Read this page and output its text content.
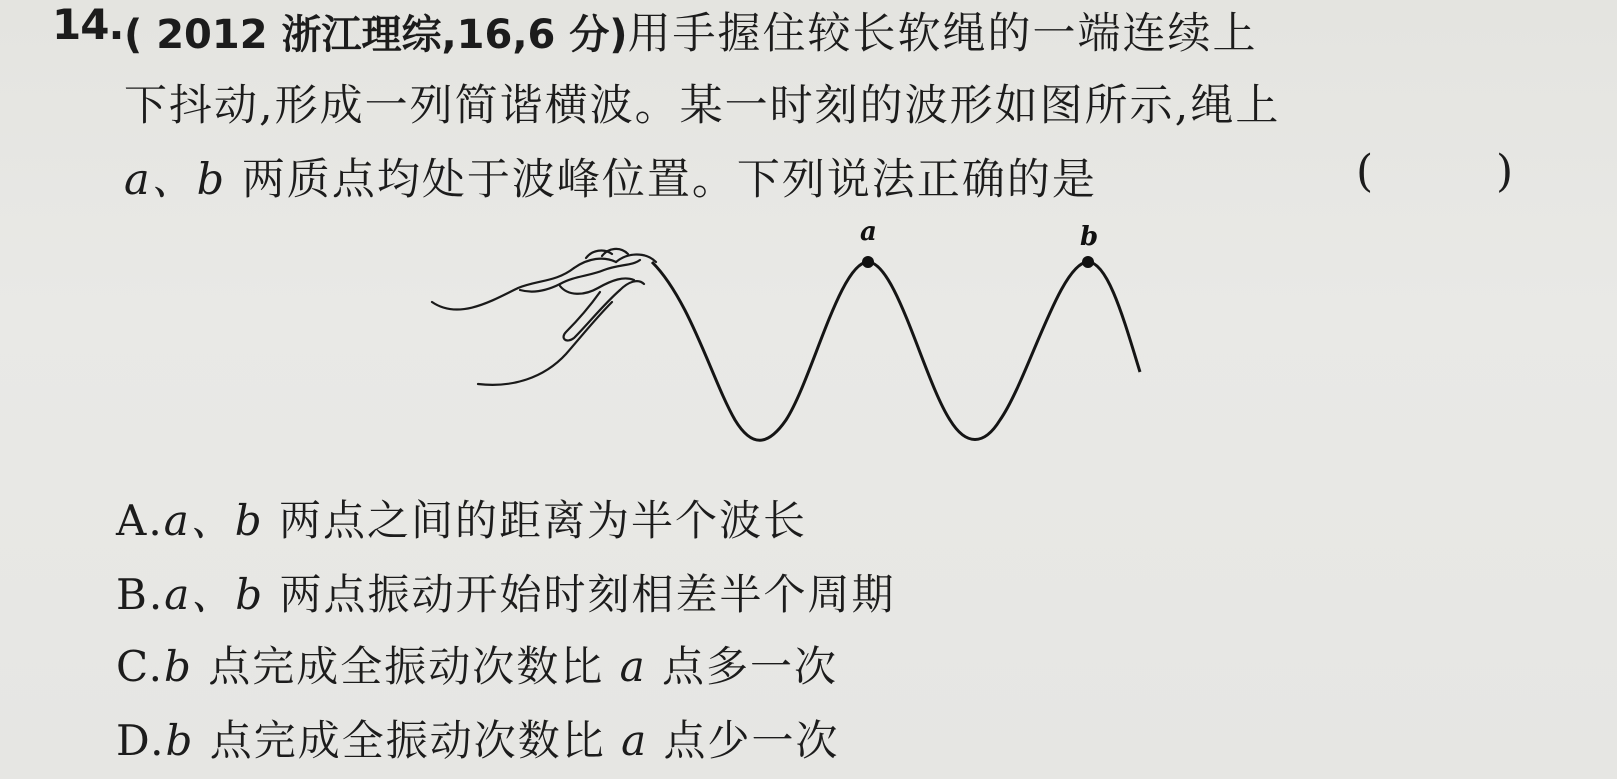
14. ( 2012 浙江理综,16,6 分)用手握住较长软绳的一端连续上
下抖动,形成一列简谐横波。某一时刻的波形如图所示,绳上
a、b 两质点均处于波峰位置。下列说法正确的是	(	)
a	b
A.a、b 两点之间的距离为半个波长
B.a、b 两点振动开始时刻相差半个周期
C.b 点完成全振动次数比 a 点多一次
D.b 点完成全振动次数比 a 点少一次
